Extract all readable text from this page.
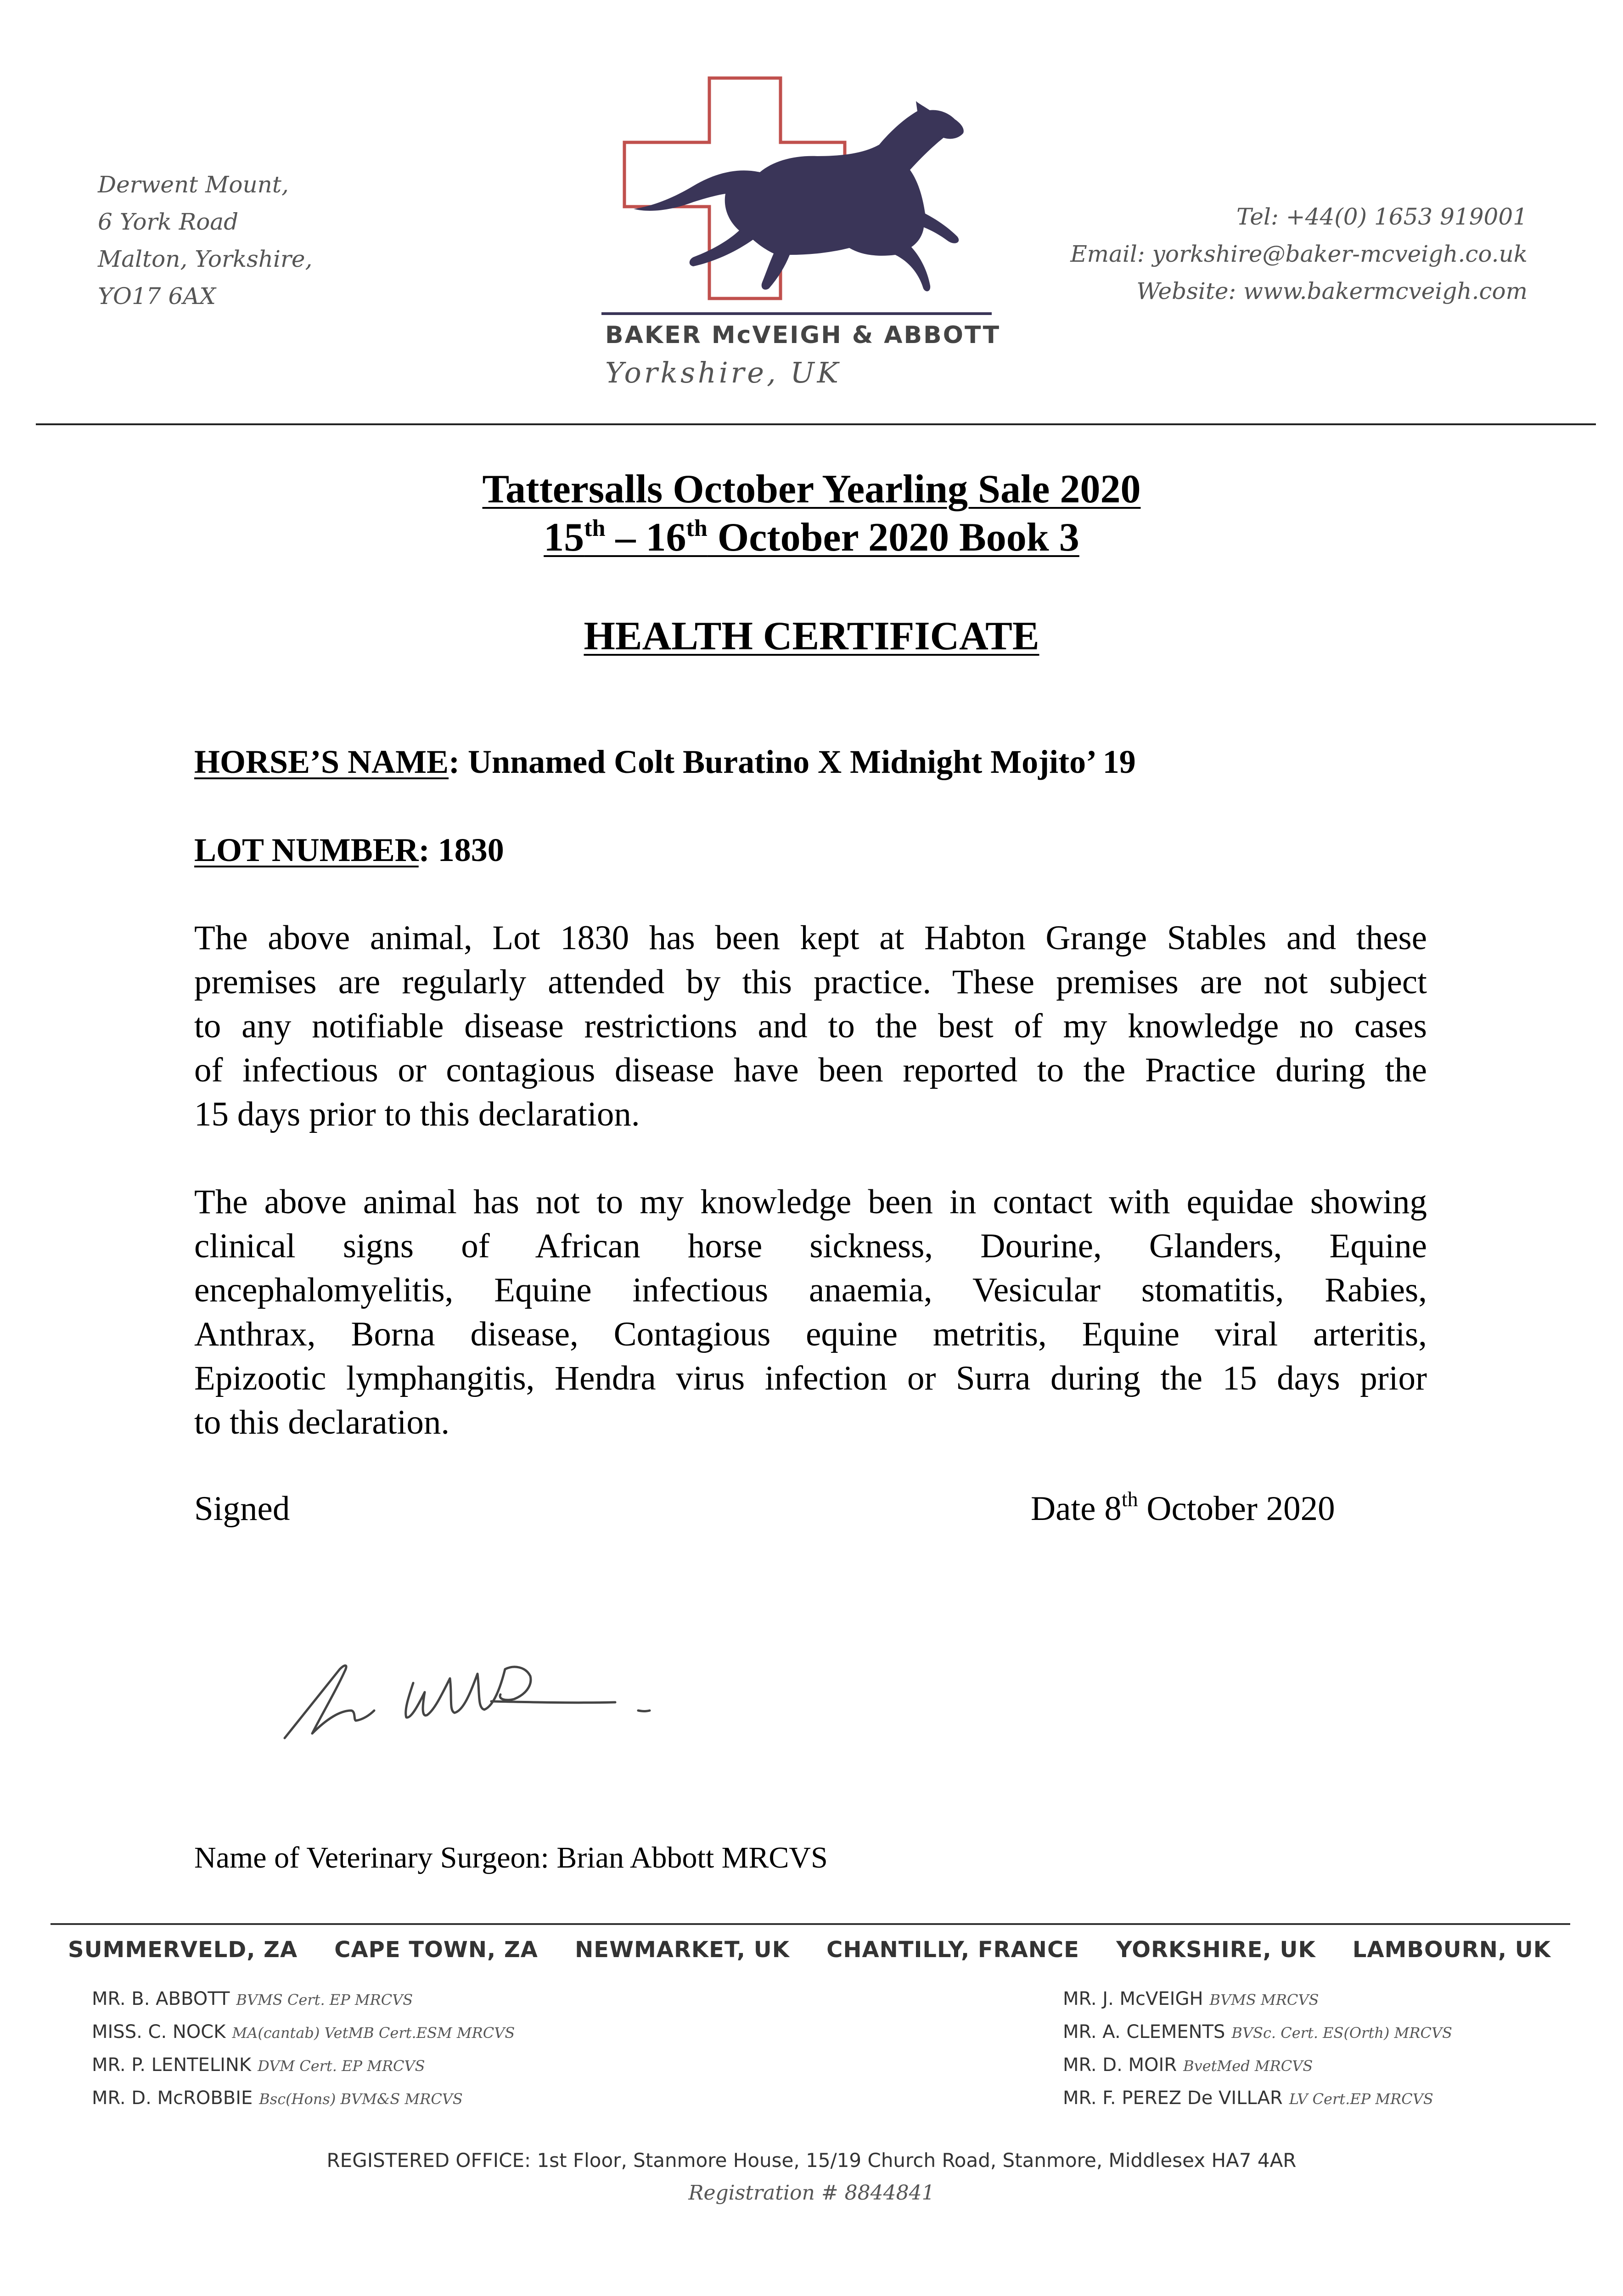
Derwent Mount,
6 York Road
Malton, Yorkshire,
YO17 6AX
Tel: +44(0) 1653 919001
Email: yorkshire@baker-mcveigh.co.uk
Website: www.bakermcveigh.com
BAKER McVEIGH & ABBOTT
Yorkshire, UK
Tattersalls October Yearling Sale 2020
15th – 16th October 2020 Book 3
HEALTH CERTIFICATE
HORSE’S NAME: Unnamed Colt Buratino X Midnight Mojito’ 19
LOT NUMBER: 1830
The above animal, Lot 1830 has been kept at Habton Grange Stables and these
premises are regularly attended by this practice. These premises are not subject
to any notifiable disease restrictions and to the best of my knowledge no cases
of infectious or contagious disease have been reported to the Practice during the
15 days prior to this declaration.
The above animal has not to my knowledge been in contact with equidae showing
clinical signs of African horse sickness, Dourine, Glanders, Equine
encephalomyelitis, Equine infectious anaemia, Vesicular stomatitis, Rabies,
Anthrax, Borna disease, Contagious equine metritis, Equine viral arteritis,
Epizootic lymphangitis, Hendra virus infection or Surra during the 15 days prior
to this declaration.
Signed	Date 8th October 2020
Name of Veterinary Surgeon: Brian Abbott MRCVS
SUMMERVELD, ZA CAPE TOWN, ZA NEWMARKET, UK CHANTILLY, FRANCE YORKSHIRE, UK LAMBOURN, UK
MR. B. ABBOTT BVMS Cert. EP MRCVS
MISS. C. NOCK MA(cantab) VetMB Cert.ESM MRCVS
MR. P. LENTELINK DVM Cert. EP MRCVS
MR. D. McROBBIE Bsc(Hons) BVM&S MRCVS
MR. J. McVEIGH BVMS MRCVS
MR. A. CLEMENTS BVSc. Cert. ES(Orth) MRCVS
MR. D. MOIR BvetMed MRCVS
MR. F. PEREZ De VILLAR LV Cert.EP MRCVS
REGISTERED OFFICE: 1st Floor, Stanmore House, 15/19 Church Road, Stanmore, Middlesex HA7 4AR
Registration # 8844841
